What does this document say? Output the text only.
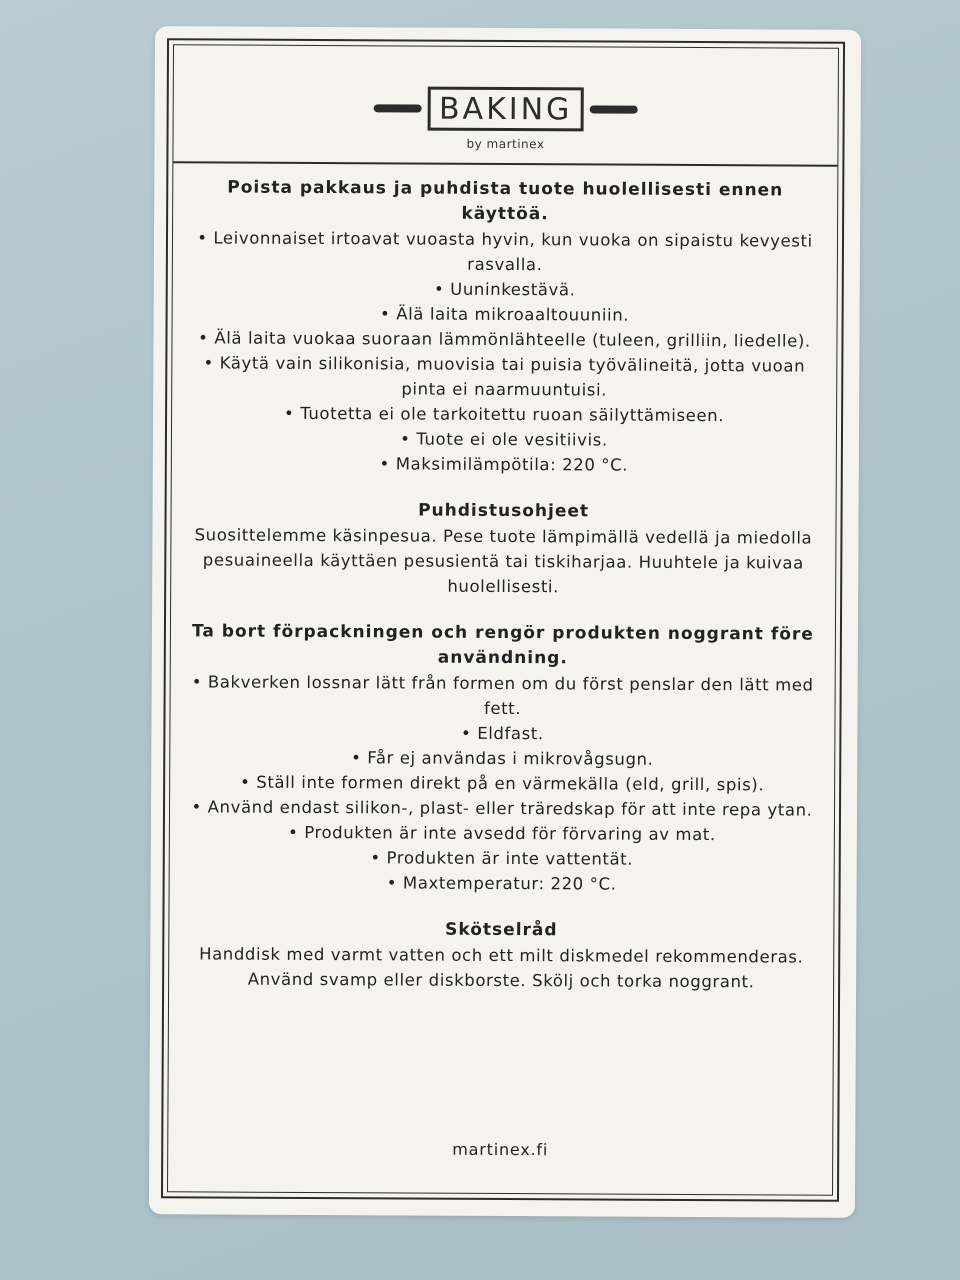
BAKING
by martinex
Poista pakkaus ja puhdista tuote huolellisesti ennen käyttöä.

• Leivonnaiset irtoavat vuoasta hyvin, kun vuoka on sipaistu kevyesti rasvalla.

• Uuninkestävä.

• Älä laita mikroaaltouuniin.

• Älä laita vuokaa suoraan lämmönlähteelle (tuleen, grilliin, liedelle).

• Käytä vain silikonisia, muovisia tai puisia työvälineitä, jotta vuoan pinta ei naarmuuntuisi.

• Tuotetta ei ole tarkoitettu ruoan säilyttämiseen.

• Tuote ei ole vesitiivis.

• Maksimilämpötila: 220 °C.

Puhdistusohjeet

Suosittelemme käsinpesua. Pese tuote lämpimällä vedellä ja miedolla pesuaineella käyttäen pesusientä tai tiskiharjaa. Huuhtele ja kuivaa huolellisesti.

Ta bort förpackningen och rengör produkten noggrant före användning.

• Bakverken lossnar lätt från formen om du först penslar den lätt med fett.

• Eldfast.

• Får ej användas i mikrovågsugn.

• Ställ inte formen direkt på en värmekälla (eld, grill, spis).

• Använd endast silikon-, plast- eller träredskap för att inte repa ytan.

• Produkten är inte avsedd för förvaring av mat.

• Produkten är inte vattentät.

• Maxtemperatur: 220 °C.

Skötselråd

Handdisk med varmt vatten och ett milt diskmedel rekommenderas.

Använd svamp eller diskborste. Skölj och torka noggrant.

martinex.fi
